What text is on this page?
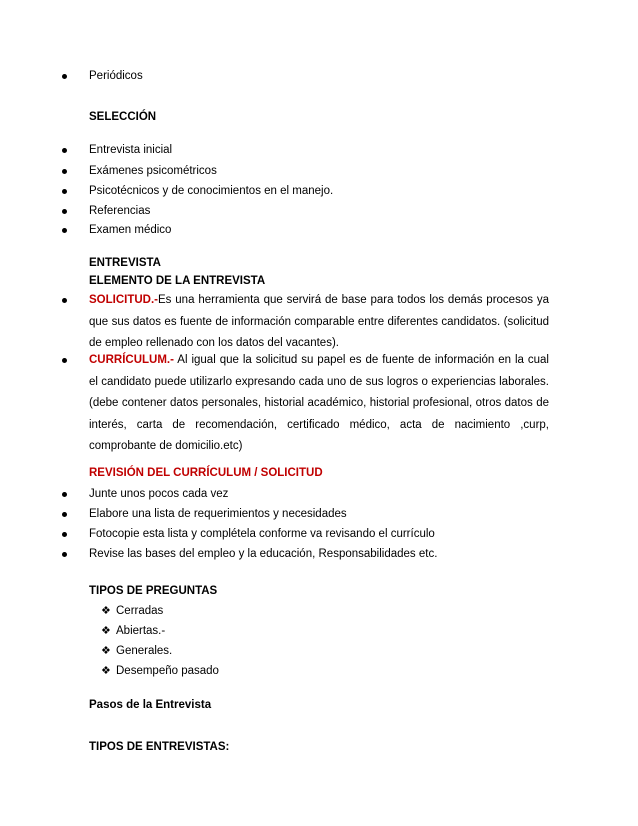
Periódicos
SELECCIÓN
Entrevista inicial
Exámenes psicométricos
Psicotécnicos y de conocimientos en el manejo.
Referencias
Examen médico
ENTREVISTA
ELEMENTO DE LA ENTREVISTA
SOLICITUD.-Es una herramienta que servirá de base para todos los demás procesos ya que sus datos es fuente de información comparable entre diferentes candidatos. (solicitud de empleo rellenado con los datos del vacantes).
CURRÍCULUM.- Al igual que la solicitud su papel es de fuente de información en la cual el candidato puede utilizarlo expresando cada uno de sus logros o experiencias laborales.(debe contener datos personales, historial académico, historial profesional, otros datos de interés, carta de recomendación, certificado médico, acta de nacimiento ,curp, comprobante de domicilio.etc)
REVISIÓN DEL CURRÍCULUM / SOLICITUD
Junte unos pocos cada vez
Elabore una lista de requerimientos y necesidades
Fotocopie esta lista y complétela conforme va revisando el currículo
Revise las bases del empleo y la educación, Responsabilidades etc.
TIPOS DE PREGUNTAS
❖ Cerradas
❖ Abiertas.-
❖ Generales.
❖ Desempeño pasado
Pasos de la Entrevista
TIPOS DE ENTREVISTAS:
